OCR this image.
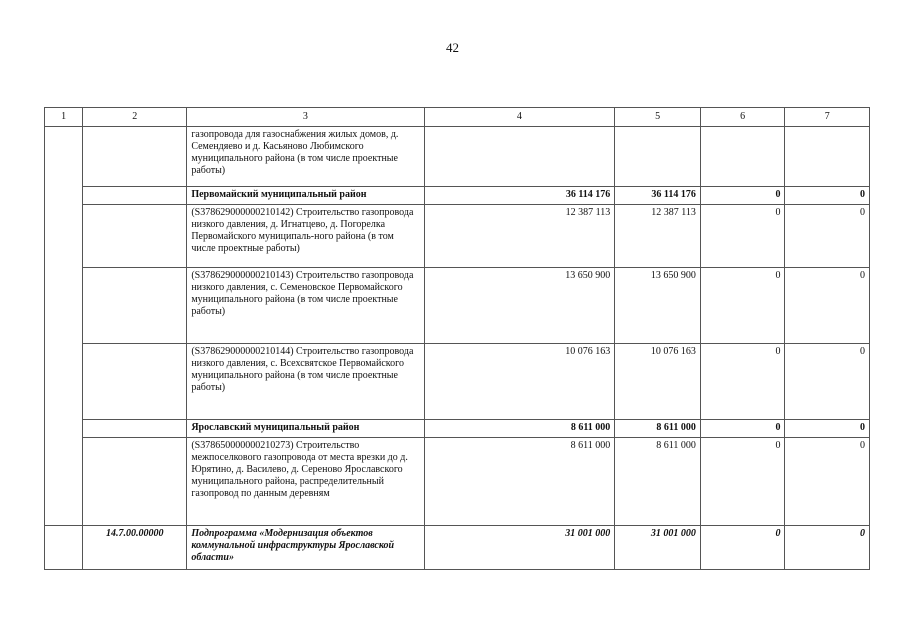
42
1	2	3	4	5	6	7
		газопровода для газоснабжения жилых домов, д. Семендяево и д. Касьяново Любимского муниципального района (в том числе проектные работы)				
		Первомайский муниципальный район	36 114 176	36 114 176	0	0
		(S378629000000210142) Строительство газопровода низкого давления, д. Игнатцево, д. Погорелка Первомайского муниципаль-ного района (в том числе проектные работы)	12 387 113	12 387 113	0	0
		(S378629000000210143) Строительство газопровода низкого давления, с. Семеновское Первомайского муниципального района (в том числе проектные работы)	13 650 900	13 650 900	0	0
		(S378629000000210144) Строительство газопровода низкого давления, с. Всехсвятское Первомайского муниципального района (в том числе проектные работы)	10 076 163	10 076 163	0	0
		Ярославский муниципальный район	8 611 000	8 611 000	0	0
		(S378650000000210273) Строительство межпоселкового газопровода от места врезки до д. Юрятино, д. Василево, д. Сереново Ярославского муниципального района, распределительный газопровод по данным деревням	8 611 000	8 611 000	0	0
	14.7.00.00000	Подпрограмма «Модернизация объектов коммунальной инфраструктуры Ярославской области»	31 001 000	31 001 000	0	0
